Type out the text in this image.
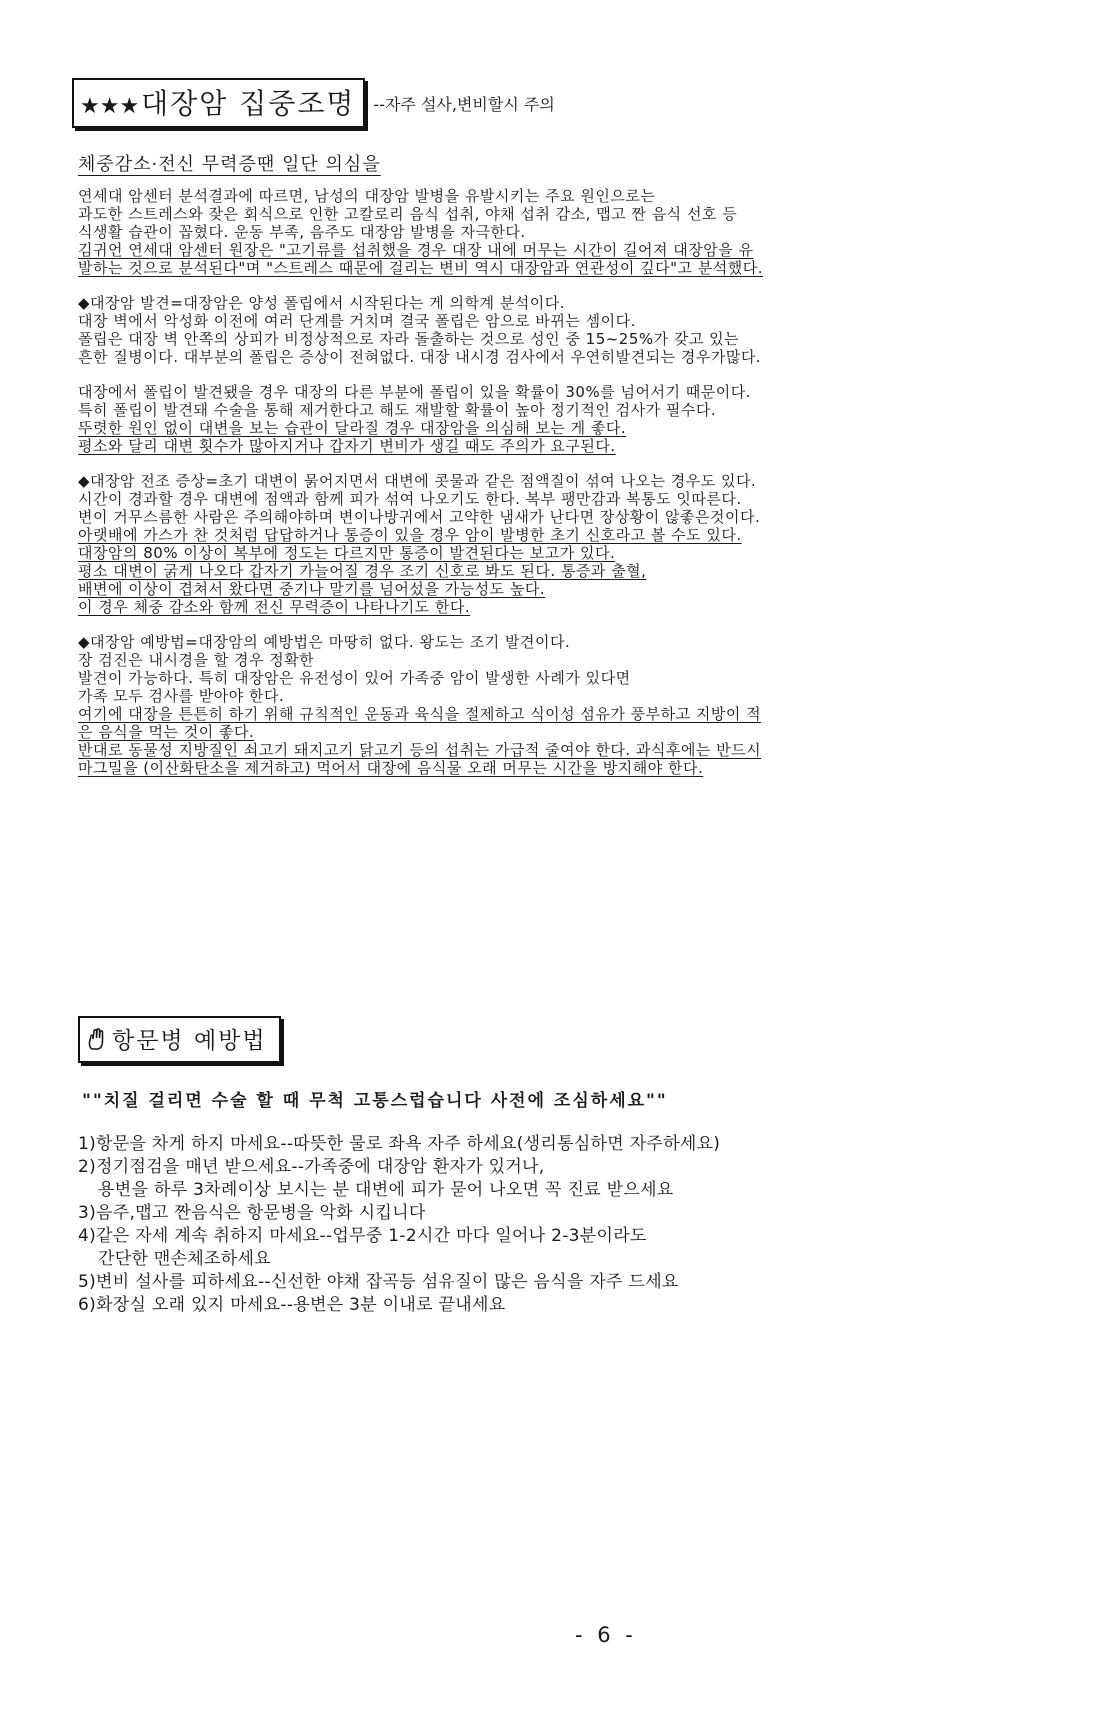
★★★대장암 집중조명	--자주 설사,변비할시 주의
체중감소·전신 무력증땐 일단 의심을
연세대 암센터 분석결과에 따르면, 남성의 대장암 발병을 유발시키는 주요 원인으로는
과도한 스트레스와 잦은 회식으로 인한 고칼로리 음식 섭취, 야채 섭취 감소, 맵고 짠 음식 선호 등
식생활 습관이 꼽혔다. 운동 부족, 음주도 대장암 발병을 자극한다.
김귀언 연세대 암센터 원장은 "고기류를 섭취했을 경우 대장 내에 머무는 시간이 길어져 대장암을 유
발하는 것으로 분석된다"며 "스트레스 때문에 걸리는 변비 역시 대장암과 연관성이 깊다"고 분석했다.
◆대장암 발견=대장암은 양성 폴립에서 시작된다는 게 의학계 분석이다.
대장 벽에서 악성화 이전에 여러 단계를 거치며 결국 폴립은 암으로 바뀌는 셈이다.
폴립은 대장 벽 안쪽의 상피가 비정상적으로 자라 돌출하는 것으로 성인 중 15~25%가 갖고 있는
흔한 질병이다. 대부분의 폴립은 증상이 전혀없다. 대장 내시경 검사에서 우연히발견되는 경우가많다.
대장에서 폴립이 발견됐을 경우 대장의 다른 부분에 폴립이 있을 확률이 30%를 넘어서기 때문이다.
특히 폴립이 발견돼 수술을 통해 제거한다고 해도 재발할 확률이 높아 정기적인 검사가 필수다.
뚜렷한 원인 없이 대변을 보는 습관이 달라질 경우 대장암을 의심해 보는 게 좋다.
평소와 달리 대변 횟수가 많아지거나 갑자기 변비가 생길 때도 주의가 요구된다.
◆대장암 전조 증상=초기 대변이 묽어지면서 대변에 콧물과 같은 점액질이 섞여 나오는 경우도 있다.
시간이 경과할 경우 대변에 점액과 함께 피가 섞여 나오기도 한다. 복부 팽만감과 복통도 잇따른다.
변이 거무스름한 사람은 주의해야하며 변이나방귀에서 고약한 냄새가 난다면 장상황이 않좋은것이다.
아랫배에 가스가 찬 것처럼 답답하거나 통증이 있을 경우 암이 발병한 초기 신호라고 볼 수도 있다.
대장암의 80% 이상이 복부에 정도는 다르지만 통증이 발견된다는 보고가 있다.
평소 대변이 굵게 나오다 갑자기 가늘어질 경우 조기 신호로 봐도 된다. 통증과 출혈,
배변에 이상이 겹쳐서 왔다면 중기나 말기를 넘어섰을 가능성도 높다.
이 경우 체중 감소와 함께 전신 무력증이 나타나기도 한다.
◆대장암 예방법=대장암의 예방법은 마땅히 없다. 왕도는 조기 발견이다.
장 검진은 내시경을 할 경우 정확한
발견이 가능하다. 특히 대장암은 유전성이 있어 가족중 암이 발생한 사례가 있다면
가족 모두 검사를 받아야 한다.
여기에 대장을 튼튼히 하기 위해 규칙적인 운동과 육식을 절제하고 식이성 섬유가 풍부하고 지방이 적
은 음식을 먹는 것이 좋다.
반대로 동물성 지방질인 쇠고기 돼지고기 닭고기 등의 섭취는 가급적 줄여야 한다. 과식후에는 반드시
마그밀을 (이산화탄소을 제거하고) 먹어서 대장에 음식물 오래 머무는 시간을 방지해야 한다.
항문병 예방법
""치질 걸리면 수술 할 때 무척 고통스럽습니다 사전에 조심하세요""
1)항문을 차게 하지 마세요--따뜻한 물로 좌욕 자주 하세요(생리통심하면 자주하세요)
2)정기점검을 매년 받으세요--가족중에 대장암 환자가 있거나,
용변을 하루 3차례이상 보시는 분 대변에 피가 묻어 나오면 꼭 진료 받으세요
3)음주,맵고 짠음식은 항문병을 악화 시킵니다
4)같은 자세 계속 취하지 마세요--업무중 1-2시간 마다 일어나 2-3분이라도
간단한 맨손체조하세요
5)변비 설사를 피하세요--신선한 야채 잡곡등 섬유질이 많은 음식을 자주 드세요
6)화장실 오래 있지 마세요--용변은 3분 이내로 끝내세요
- 6 -
